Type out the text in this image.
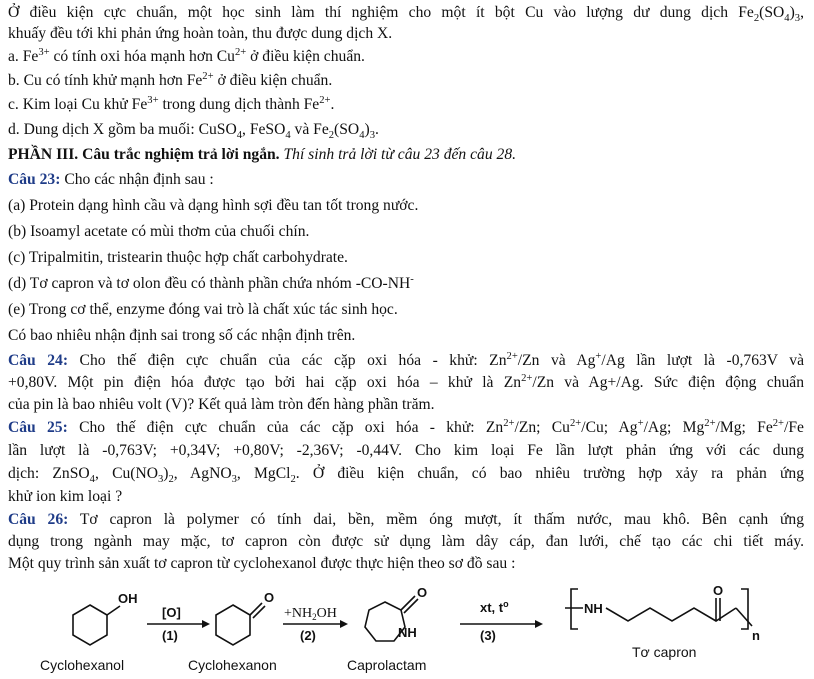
Ở điều kiện cực chuẩn, một học sinh làm thí nghiệm cho một ít bột Cu vào lượng dư dung dịch $Fe_2(SO_4)_3$,
khuấy đều tới khi phản ứng hoàn toàn, thu được dung dịch X.
a. $Fe^{3+}$ có tính oxi hóa mạnh hơn $Cu^{2+}$ ở điều kiện chuẩn.
b. Cu có tính khử mạnh hơn $Fe^{2+}$ ở điều kiện chuẩn.
c. Kim loại Cu khử $Fe^{3+}$ trong dung dịch thành $Fe^{2+}$.
d. Dung dịch X gồm ba muối: CuSO$_4$, FeSO$_4$ và $Fe_2(SO_4)_3$.
PHẦN III. Câu trắc nghiệm trả lời ngắn. Thí sinh trả lời từ câu 23 đến câu 28.
Câu 23: Cho các nhận định sau :
(a) Protein dạng hình cầu và dạng hình sợi đều tan tốt trong nước.
(b) Isoamyl acetate có mùi thơm của chuối chín.
(c) Tripalmitin, tristearin thuộc hợp chất carbohydrate.
(d) Tơ capron và tơ olon đều có thành phần chứa nhóm -CO-NH-
(e) Trong cơ thể, enzyme đóng vai trò là chất xúc tác sinh học.
Có bao nhiêu nhận định sai trong số các nhận định trên.
Câu 24: Cho thế điện cực chuẩn của các cặp oxi hóa - khử: $Zn^{2+}/Zn$ và Ag+/Ag lần lượt là -0,763V và
+0,80V. Một pin điện hóa được tạo bởi hai cặp oxi hóa – khử là $Zn^{2+}/Zn$ và Ag+/Ag. Sức điện động chuẩn
của pin là bao nhiêu volt (V)? Kết quả làm tròn đến hàng phần trăm.
Câu 25: Cho thế điện cực chuẩn của các cặp oxi hóa - khử: $Zn^{2+}/Zn$; $Cu^{2+}/Cu$; Ag+/Ag; $Mg^{2+}/Mg$; $Fe^{2+}/Fe$
lần lượt là -0,763V; +0,34V; +0,80V; -2,36V; -0,44V. Cho kim loại Fe lần lượt phản ứng với các dung
dịch: ZnSO$_4$, $Cu(NO_3)_2$, AgNO$_3$, MgCl$_2$. Ở điều kiện chuẩn, có bao nhiêu trường hợp xảy ra phản ứng
khử ion kim loại ?
Câu 26: Tơ capron là polymer có tính dai, bền, mềm óng mượt, ít thấm nước, mau khô. Bên cạnh ứng
dụng trong ngành may mặc, tơ capron còn được sử dụng làm dây cáp, đan lưới, chế tạo các chi tiết máy.
Một quy trình sản xuất tơ capron từ cyclohexanol được thực hiện theo sơ đồ sau :
OH
[O]
(1)
O
$+NH_2OH$
(2)
O
NH
xt, $t^o$
(3)
NH
O
n
Cyclohexanol	Cyclohexanon	Caprolactam
Tơ capron
